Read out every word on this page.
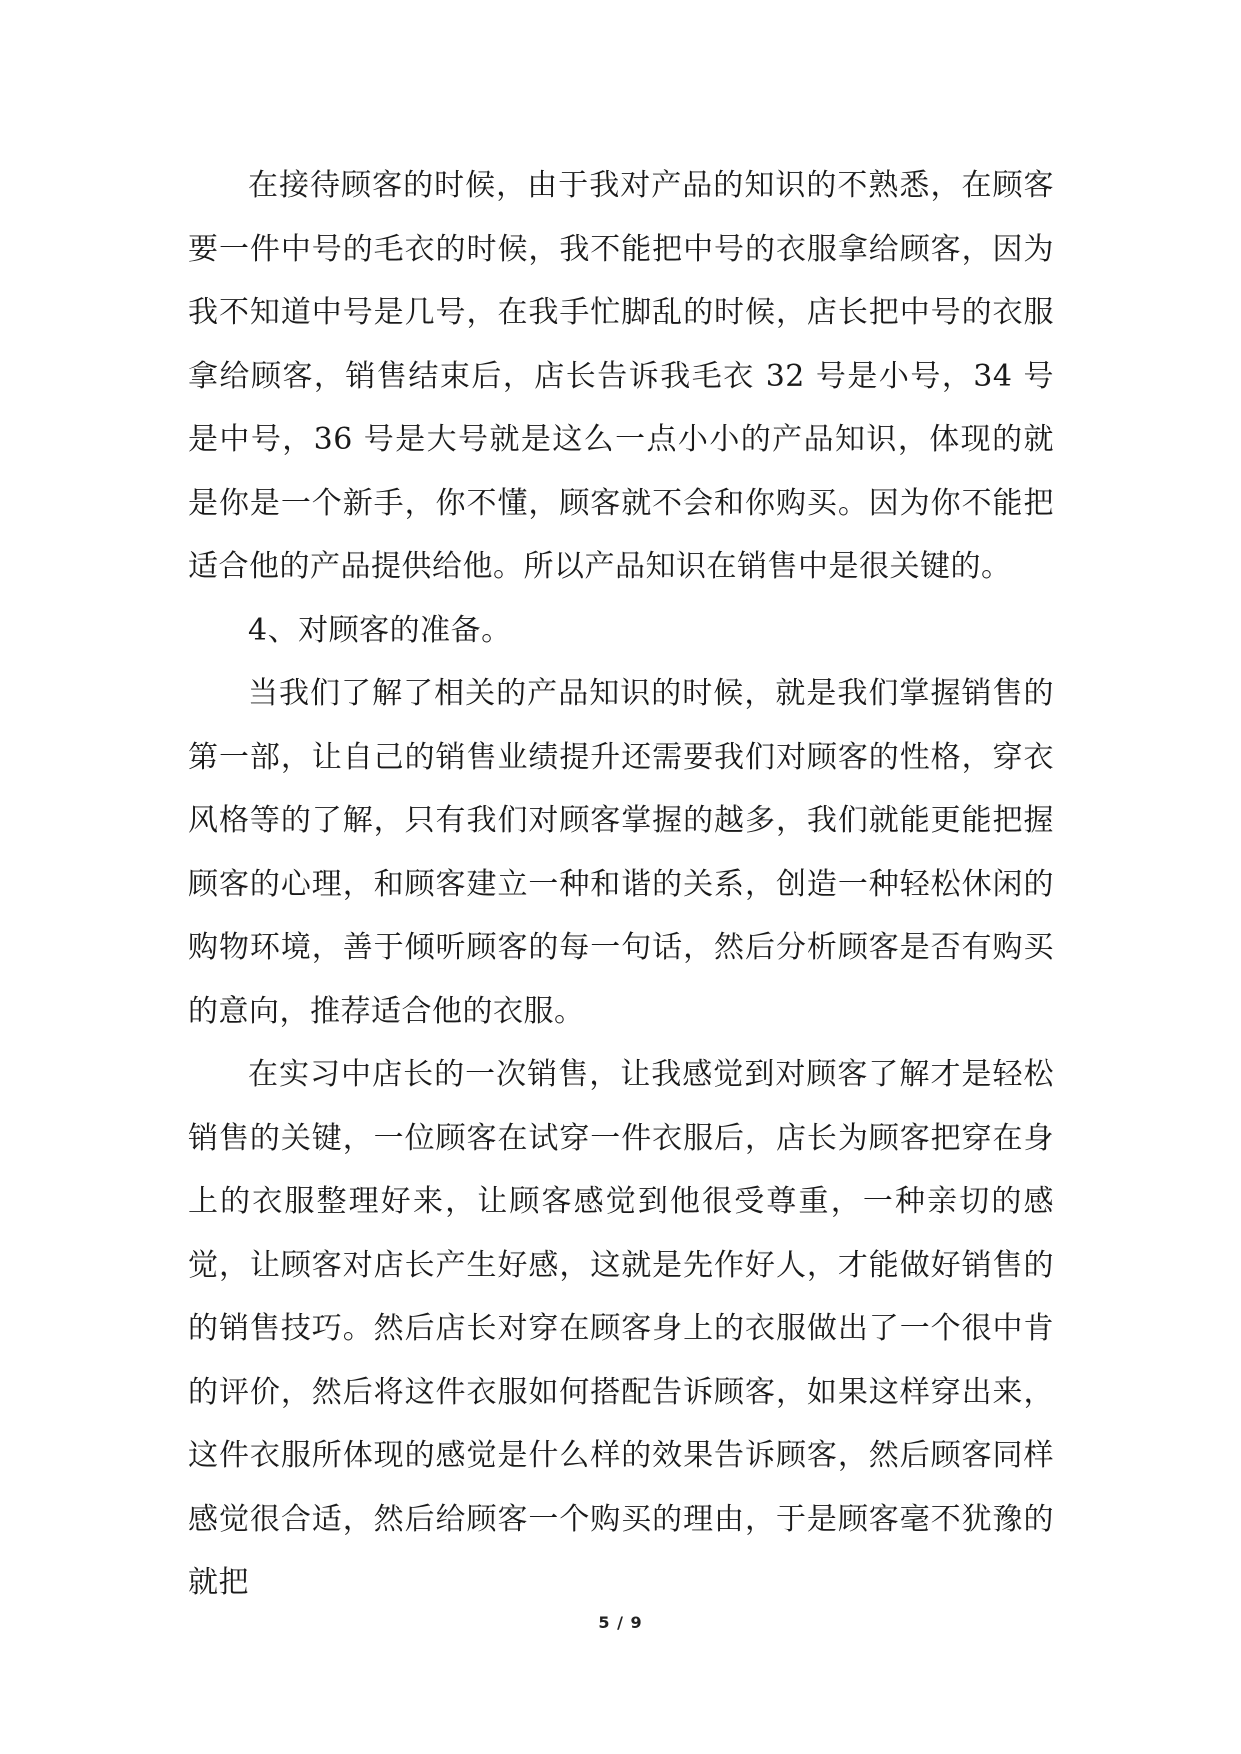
在接待顾客的时候，由于我对产品的知识的不熟悉，在顾客要一件中号的毛衣的时候，我不能把中号的衣服拿给顾客，因为我不知道中号是几号，在我手忙脚乱的时候，店长把中号的衣服拿给顾客，销售结束后，店长告诉我毛衣 32 号是小号，34 号是中号，36 号是大号就是这么一点小小的产品知识，体现的就是你是一个新手，你不懂，顾客就不会和你购买。因为你不能把适合他的产品提供给他。所以产品知识在销售中是很关键的。

4、对顾客的准备。

当我们了解了相关的产品知识的时候，就是我们掌握销售的第一部，让自己的销售业绩提升还需要我们对顾客的性格，穿衣风格等的了解，只有我们对顾客掌握的越多，我们就能更能把握顾客的心理，和顾客建立一种和谐的关系，创造一种轻松休闲的购物环境，善于倾听顾客的每一句话，然后分析顾客是否有购买的意向，推荐适合他的衣服。

在实习中店长的一次销售，让我感觉到对顾客了解才是轻松销售的关键，一位顾客在试穿一件衣服后，店长为顾客把穿在身上的衣服整理好来，让顾客感觉到他很受尊重，一种亲切的感觉，让顾客对店长产生好感，这就是先作好人，才能做好销售的的销售技巧。然后店长对穿在顾客身上的衣服做出了一个很中肯的评价，然后将这件衣服如何搭配告诉顾客，如果这样穿出来，这件衣服所体现的感觉是什么样的效果告诉顾客，然后顾客同样感觉很合适，然后给顾客一个购买的理由，于是顾客毫不犹豫的就把

5 / 9
